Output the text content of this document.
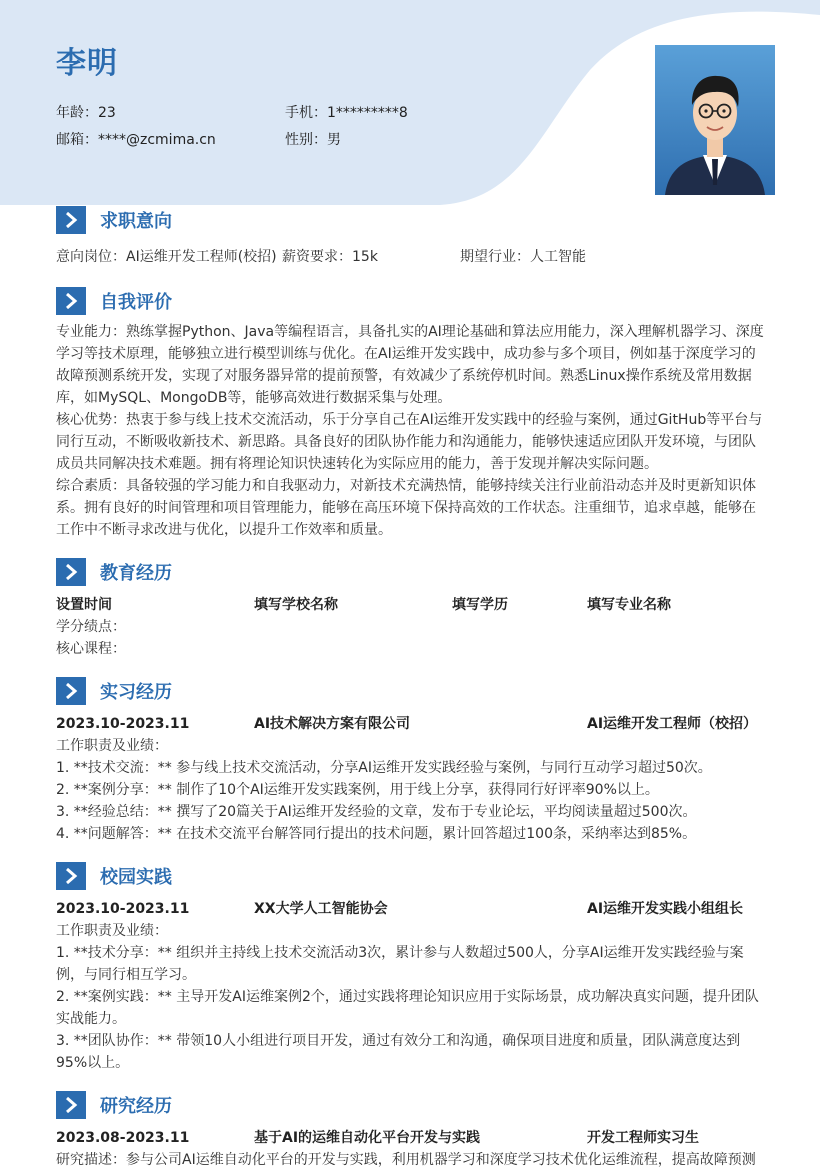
李明
年龄：23	手机：1*********8
邮箱：****@zcmima.cn	性别：男
求职意向
意向岗位：AI运维开发工程师(校招) 薪资要求：15k	期望行业：人工智能
自我评价
专业能力：熟练掌握Python、Java等编程语言，具备扎实的AI理论基础和算法应用能力，深入理解机器学习、深度学习等技术原理，能够独立进行模型训练与优化。在AI运维开发实践中，成功参与多个项目，例如基于深度学习的故障预测系统开发，实现了对服务器异常的提前预警，有效减少了系统停机时间。熟悉Linux操作系统及常用数据库，如MySQL、MongoDB等，能够高效进行数据采集与处理。
核心优势：热衷于参与线上技术交流活动，乐于分享自己在AI运维开发实践中的经验与案例，通过GitHub等平台与同行互动，不断吸收新技术、新思路。具备良好的团队协作能力和沟通能力，能够快速适应团队开发环境，与团队成员共同解决技术难题。拥有将理论知识快速转化为实际应用的能力，善于发现并解决实际问题。
综合素质：具备较强的学习能力和自我驱动力，对新技术充满热情，能够持续关注行业前沿动态并及时更新知识体系。拥有良好的时间管理和项目管理能力，能够在高压环境下保持高效的工作状态。注重细节，追求卓越，能够在工作中不断寻求改进与优化，以提升工作效率和质量。
教育经历
设置时间	填写学校名称	填写学历	填写专业名称
学分绩点：
核心课程：
实习经历
2023.10-2023.11	AI技术解决方案有限公司	AI运维开发工程师（校招）
工作职责及业绩：
1. **技术交流：** 参与线上技术交流活动，分享AI运维开发实践经验与案例，与同行互动学习超过50次。
2. **案例分享：** 制作了10个AI运维开发实践案例，用于线上分享，获得同行好评率90%以上。
3. **经验总结：** 撰写了20篇关于AI运维开发经验的文章，发布于专业论坛，平均阅读量超过500次。
4. **问题解答：** 在技术交流平台解答同行提出的技术问题，累计回答超过100条，采纳率达到85%。
校园实践
2023.10-2023.11	XX大学人工智能协会	AI运维开发实践小组组长
工作职责及业绩：
1. **技术分享：** 组织并主持线上技术交流活动3次，累计参与人数超过500人，分享AI运维开发实践经验与案例，与同行相互学习。
2. **案例实践：** 主导开发AI运维案例2个，通过实践将理论知识应用于实际场景，成功解决真实问题，提升团队实战能力。
3. **团队协作：** 带领10人小组进行项目开发，通过有效分工和沟通，确保项目进度和质量，团队满意度达到95%以上。
研究经历
2023.08-2023.11	基于AI的运维自动化平台开发与实践	开发工程师实习生
研究描述：参与公司AI运维自动化平台的开发与实践，利用机器学习和深度学习技术优化运维流程，提高故障预测
